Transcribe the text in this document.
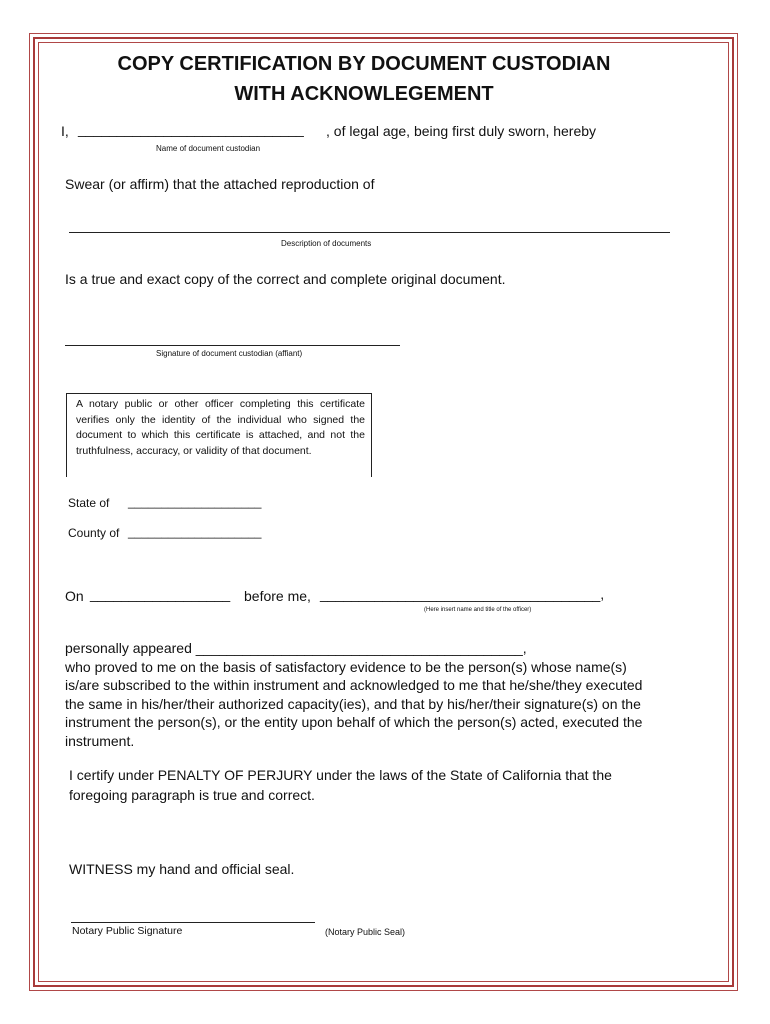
COPY CERTIFICATION BY DOCUMENT CUSTODIAN
WITH ACKNOWLEGEMENT
I, _____________________________ , of legal age, being first duly sworn, hereby
Name of document custodian
Swear (or affirm) that the attached reproduction of
Description of documents
Is a true and exact copy of the correct and complete original document.
Signature of document custodian (affiant)
A notary public or other officer completing this certificate verifies only the identity of the individual who signed the document to which this certificate is attached, and not the truthfulness, accuracy, or validity of that document.
State of ____________________
County of ____________________
On __________________ before me, ____________________________________,
(Here insert name and title of the officer)
personally appeared __________________________________________,
who proved to me on the basis of satisfactory evidence to be the person(s) whose name(s) is/are subscribed to the within instrument and acknowledged to me that he/she/they executed the same in his/her/their authorized capacity(ies), and that by his/her/their signature(s) on the instrument the person(s), or the entity upon behalf of which the person(s) acted, executed the instrument.
I certify under PENALTY OF PERJURY under the laws of the State of California that the foregoing paragraph is true and correct.
WITNESS my hand and official seal.
Notary Public Signature	(Notary Public Seal)
